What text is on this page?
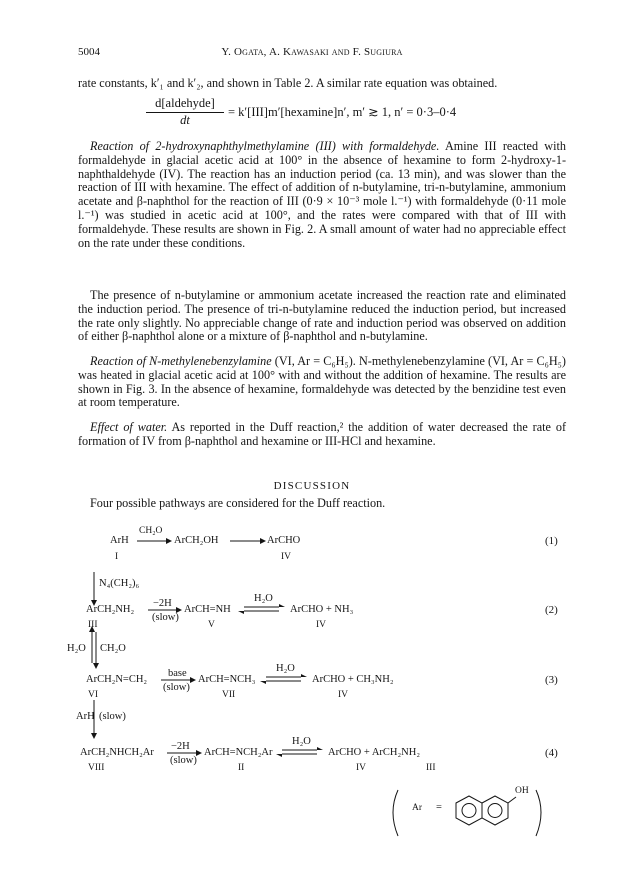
5004	Y. Ogata, A. Kawasaki and F. Sugiura
rate constants, k′₁ and k′₂, and shown in Table 2. A similar rate equation was obtained.
d[aldehyde]
dt
= k′[III]m′[hexamine]n′, m′ ≳ 1, n′ = 0·3–0·4
Reaction of 2-hydroxynaphthylmethylamine (III) with formaldehyde. Amine III reacted with formaldehyde in glacial acetic acid at 100° in the absence of hexamine to form 2-hydroxy-1-naphthaldehyde (IV). The reaction has an induction period (ca. 13 min), and was slower than the reaction of III with hexamine. The effect of addition of n-butylamine, tri-n-butylamine, ammonium acetate and β-naphthol for the reaction of III (0·9 × 10⁻³ mole l.⁻¹) with formaldehyde (0·11 mole l.⁻¹) was studied in acetic acid at 100°, and the rates were compared with that of III with formaldehyde. These results are shown in Fig. 2. A small amount of water had no appreciable effect on the rate under these conditions.
The presence of n-butylamine or ammonium acetate increased the reaction rate and eliminated the induction period. The presence of tri-n-butylamine reduced the induction period, but increased the rate only slightly. No appreciable change of rate and induction period was observed on addition of either β-naphthol alone or a mixture of β-naphthol and n-butylamine.
Reaction of N-methylenebenzylamine (VI, Ar = C₆H₅). N-methylenebenzylamine (VI, Ar = C₆H₅) was heated in glacial acetic acid at 100° with and without the addition of hexamine. The results are shown in Fig. 3. In the absence of hexamine, formaldehyde was detected by the benzidine test even at room temperature.
Effect of water. As reported in the Duff reaction,² the addition of water decreased the rate of formation of IV from β-naphthol and hexamine or III-HCl and hexamine.
DISCUSSION
Four possible pathways are considered for the Duff reaction.
ArH
I
CH₂O
ArCH₂OH	ArCHO
IV
(1)
N₄(CH₂)₆
ArCH₂NH₂
III
−2H
(slow)
ArCH=NH
V
H₂O
ArCHO + NH₃
IV
(2)
H₂O CH₂O
ArCH₂N=CH₂
VI
base
(slow)
ArCH=NCH₃
VII
H₂O
ArCHO + CH₃NH₂
IV
(3)
ArH (slow)
ArCH₂NHCH₂Ar
VIII
−2H
(slow)
ArCH=NCH₂Ar
II
H₂O
ArCHO + ArCH₂NH₂
IV	III
(4)
Ar =
OH
